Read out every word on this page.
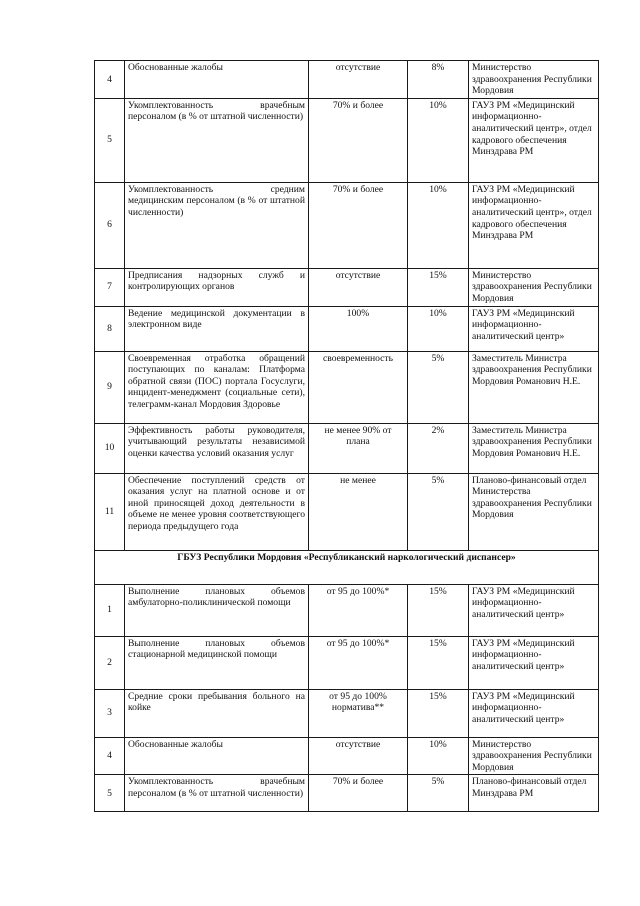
4	Обоснованные жалобы	отсутствие	8%	Министерство здравоохранения Республики Мордовия
5	Укомплектованность врачебным персоналом (в % от штатной численности)	70% и более	10%	ГАУЗ РМ «Медицинский информационно-аналитический центр», отдел кадрового обеспечения Минздрава РМ
6	Укомплектованность средним медицинским персоналом (в % от штатной численности)	70% и более	10%	ГАУЗ РМ «Медицинский информационно-аналитический центр», отдел кадрового обеспечения Минздрава РМ
7	Предписания надзорных служб и контролирующих органов	отсутствие	15%	Министерство здравоохранения Республики Мордовия
8	Ведение медицинской документации в электронном виде	100%	10%	ГАУЗ РМ «Медицинский информационно-аналитический центр»
9	Своевременная отработка обращений поступающих по каналам: Платформа обратной связи (ПОС) портала Госуслуги, инцидент-менеджмент (социальные сети), телеграмм-канал Мордовия Здоровье	своевременность	5%	Заместитель Министра здравоохранения Республики Мордовия Романович Н.Е.
10	Эффективность работы руководителя, учитывающий результаты независимой оценки качества условий оказания услуг	не менее 90% от плана	2%	Заместитель Министра здравоохранения Республики Мордовия Романович Н.Е.
11	Обеспечение поступлений средств от оказания услуг на платной основе и от иной приносящей доход деятельности в объеме не менее уровня соответствующего периода предыдущего года	не менее	5%	Планово-финансовый отдел Министерства здравоохранения Республики Мордовия
ГБУЗ Республики Мордовия «Республиканский наркологический диспансер»				
1	Выполнение плановых объемов амбулаторно-поликлинической помощи	от 95 до 100%*	15%	ГАУЗ РМ «Медицинский информационно-аналитический центр»
2	Выполнение плановых объемов стационарной медицинской помощи	от 95 до 100%*	15%	ГАУЗ РМ «Медицинский информационно-аналитический центр»
3	Средние сроки пребывания больного на койке	от 95 до 100% норматива**	15%	ГАУЗ РМ «Медицинский информационно-аналитический центр»
4	Обоснованные жалобы	отсутствие	10%	Министерство здравоохранения Республики Мордовия
5	Укомплектованность врачебным персоналом (в % от штатной численности)	70% и более	5%	Планово-финансовый отдел Минздрава РМ
